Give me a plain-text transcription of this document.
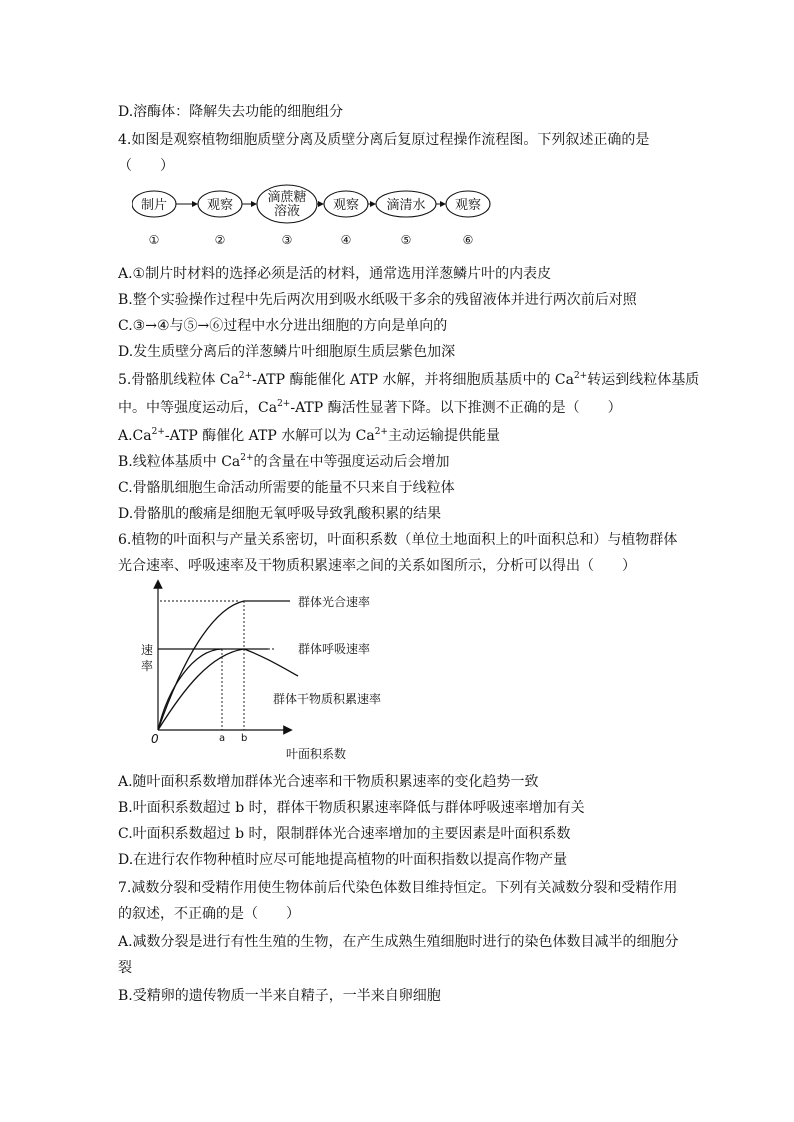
D.溶酶体：降解失去功能的细胞组分
4.如图是观察植物细胞质壁分离及质壁分离后复原过程操作流程图。下列叙述正确的是
（　　）
制片
①
观察
②
滴蔗糖
溶液
③
观察
④
滴清水
⑤
观察
⑥
A.①制片时材料的选择必须是活的材料，通常选用洋葱鳞片叶的内表皮
B.整个实验操作过程中先后两次用到吸水纸吸干多余的残留液体并进行两次前后对照
C.③→④与⑤→⑥过程中水分进出细胞的方向是单向的
D.发生质壁分离后的洋葱鳞片叶细胞原生质层紫色加深
5.骨骼肌线粒体 $Ca^{2+}$-ATP 酶能催化 ATP 水解，并将细胞质基质中的 $Ca^{2+}$转运到线粒体基质
中。中等强度运动后，$Ca^{2+}$-ATP 酶活性显著下降。以下推测不正确的是（　　）
$A.Ca^{2+}$-ATP 酶催化 ATP 水解可以为 $Ca^{2+}$主动运输提供能量
B.线粒体基质中 $Ca^{2+}$的含量在中等强度运动后会增加
C.骨骼肌细胞生命活动所需要的能量不只来自于线粒体
D.骨骼肌的酸痛是细胞无氧呼吸导致乳酸积累的结果
6.植物的叶面积与产量关系密切，叶面积系数（单位土地面积上的叶面积总和）与植物群体
光合速率、呼吸速率及干物质积累速率之间的关系如图所示，分析可以得出（　　）
群体光合速率
群体呼吸速率
群体干物质积累速率
速
率
0	a b
叶面积系数
A.随叶面积系数增加群体光合速率和干物质积累速率的变化趋势一致
B.叶面积系数超过 b 时，群体干物质积累速率降低与群体呼吸速率增加有关
C.叶面积系数超过 b 时，限制群体光合速率增加的主要因素是叶面积系数
D.在进行农作物种植时应尽可能地提高植物的叶面积指数以提高作物产量
7.减数分裂和受精作用使生物体前后代染色体数目维持恒定。下列有关减数分裂和受精作用
的叙述，不正确的是（　　）
A.减数分裂是进行有性生殖的生物，在产生成熟生殖细胞时进行的染色体数目减半的细胞分
裂
B.受精卵的遗传物质一半来自精子，一半来自卵细胞
